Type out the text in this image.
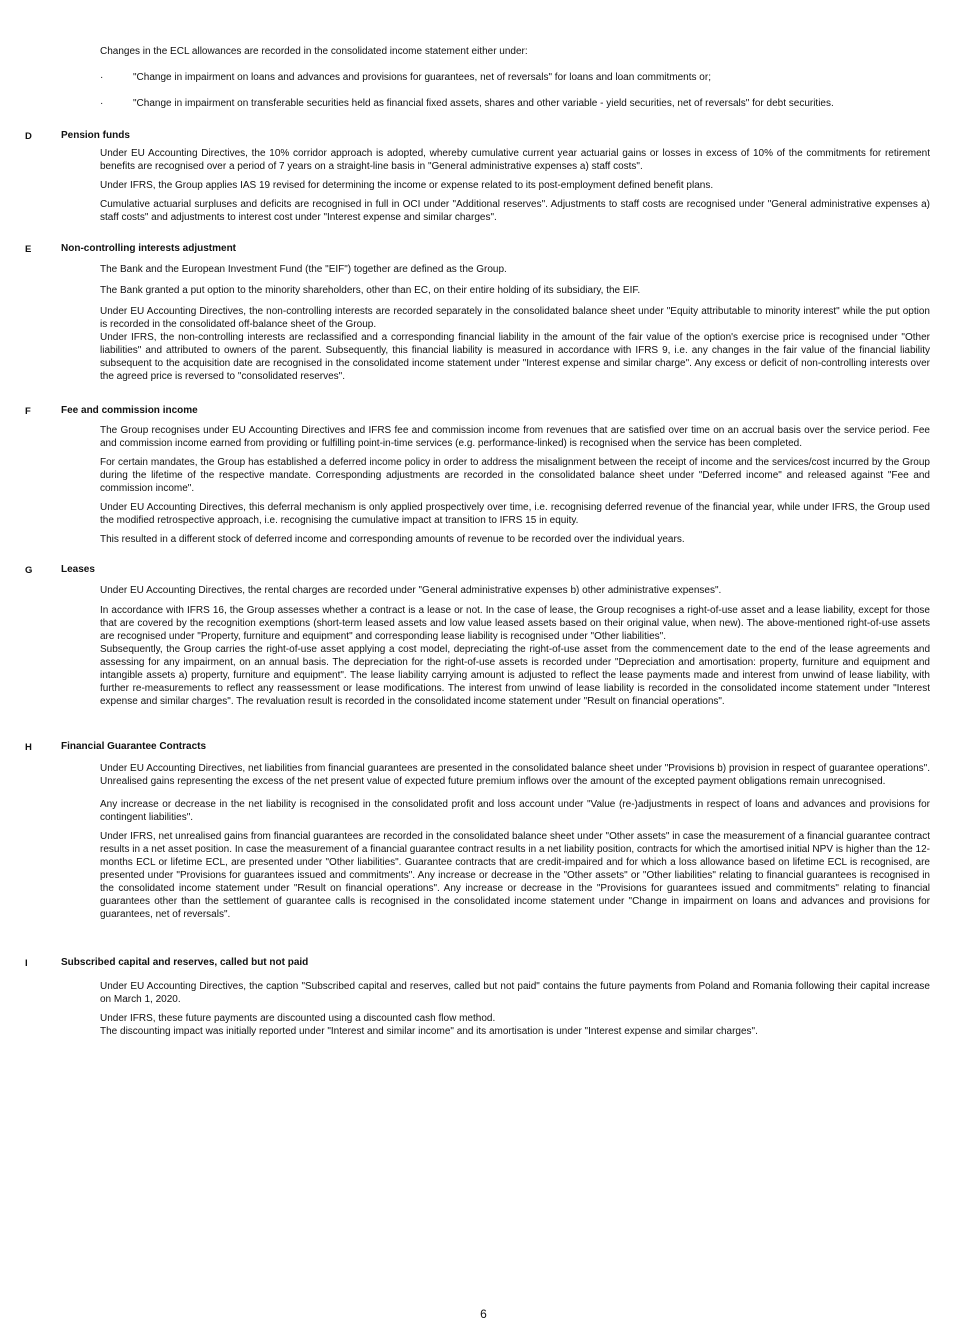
Changes in the ECL allowances are recorded in the consolidated income statement either under:

·	"Change in impairment on loans and advances and provisions for guarantees, net of reversals" for loans and loan commitments or;
·	"Change in impairment on transferable securities held as financial fixed assets, shares and other variable - yield securities, net of reversals" for debt securities.
D	Pension funds

Under EU Accounting Directives, the 10% corridor approach is adopted, whereby cumulative current year actuarial gains or losses in excess of 10% of the commitments for retirement benefits are recognised over a period of 7 years on a straight-line basis in "General administrative expenses a) staff costs".

Under IFRS, the Group applies IAS 19 revised for determining the income or expense related to its post-employment defined benefit plans.

Cumulative actuarial surpluses and deficits are recognised in full in OCI under "Additional reserves". Adjustments to staff costs are recognised under "General administrative expenses a) staff costs" and adjustments to interest cost under "Interest expense and similar charges".

E	Non-controlling interests adjustment

The Bank and the European Investment Fund (the "EIF") together are defined as the Group.

The Bank granted a put option to the minority shareholders, other than EC, on their entire holding of its subsidiary, the EIF.

Under EU Accounting Directives, the non-controlling interests are recorded separately in the consolidated balance sheet under "Equity attributable to minority interest" while the put option is recorded in the consolidated off-balance sheet of the Group.

Under IFRS, the non-controlling interests are reclassified and a corresponding financial liability in the amount of the fair value of the option's exercise price is recognised under "Other liabilities" and attributed to owners of the parent. Subsequently, this financial liability is measured in accordance with IFRS 9, i.e. any changes in the fair value of the financial liability subsequent to the acquisition date are recognised in the consolidated income statement under "Interest expense and similar charge". Any excess or deficit of non-controlling interests over the agreed price is reversed to "consolidated reserves".

F	Fee and commission income

The Group recognises under EU Accounting Directives and IFRS fee and commission income from revenues that are satisfied over time on an accrual basis over the service period. Fee and commission income earned from providing or fulfilling point-in-time services (e.g. performance-linked) is recognised when the service has been completed.

For certain mandates, the Group has established a deferred income policy in order to address the misalignment between the receipt of income and the services/cost incurred by the Group during the lifetime of the respective mandate. Corresponding adjustments are recorded in the consolidated balance sheet under "Deferred income" and released against "Fee and commission income".

Under EU Accounting Directives, this deferral mechanism is only applied prospectively over time, i.e. recognising deferred revenue of the financial year, while under IFRS, the Group used the modified retrospective approach, i.e. recognising the cumulative impact at transition to IFRS 15 in equity.

This resulted in a different stock of deferred income and corresponding amounts of revenue to be recorded over the individual years.

G	Leases

Under EU Accounting Directives, the rental charges are recorded under "General administrative expenses b) other administrative expenses".

In accordance with IFRS 16, the Group assesses whether a contract is a lease or not. In the case of lease, the Group recognises a right-of-use asset and a lease liability, except for those that are covered by the recognition exemptions (short-term leased assets and low value leased assets based on their original value, when new). The above-mentioned right-of-use assets are recognised under "Property, furniture and equipment" and corresponding lease liability is recognised under "Other liabilities".

Subsequently, the Group carries the right-of-use asset applying a cost model, depreciating the right-of-use asset from the commencement date to the end of the lease agreements and assessing for any impairment, on an annual basis. The depreciation for the right-of-use assets is recorded under "Depreciation and amortisation: property, furniture and equipment and intangible assets a) property, furniture and equipment". The lease liability carrying amount is adjusted to reflect the lease payments made and interest from unwind of lease liability, with further re-measurements to reflect any reassessment or lease modifications. The interest from unwind of lease liability is recorded in the consolidated income statement under "Interest expense and similar charges". The revaluation result is recorded in the consolidated income statement under "Result on financial operations".

H	Financial Guarantee Contracts

Under EU Accounting Directives, net liabilities from financial guarantees are presented in the consolidated balance sheet under "Provisions b) provision in respect of guarantee operations". Unrealised gains representing the excess of the net present value of expected future premium inflows over the amount of the excepted payment obligations remain unrecognised.

Any increase or decrease in the net liability is recognised in the consolidated profit and loss account under "Value (re-)adjustments in respect of loans and advances and provisions for contingent liabilities".

Under IFRS, net unrealised gains from financial guarantees are recorded in the consolidated balance sheet under "Other assets" in case the measurement of a financial guarantee contract results in a net asset position. In case the measurement of a financial guarantee contract results in a net liability position, contracts for which the amortised initial NPV is higher than the 12-months ECL or lifetime ECL, are presented under "Other liabilities". Guarantee contracts that are credit-impaired and for which a loss allowance based on lifetime ECL is recognised, are presented under "Provisions for guarantees issued and commitments". Any increase or decrease in the "Other assets" or "Other liabilities" relating to financial guarantees is recognised in the consolidated income statement under "Result on financial operations". Any increase or decrease in the "Provisions for guarantees issued and commitments" relating to financial guarantees other than the settlement of guarantee calls is recognised in the consolidated income statement under "Change in impairment on loans and advances and provisions for guarantees, net of reversals".

I	Subscribed capital and reserves, called but not paid

Under EU Accounting Directives, the caption "Subscribed capital and reserves, called but not paid" contains the future payments from Poland and Romania following their capital increase on March 1, 2020.

Under IFRS, these future payments are discounted using a discounted cash flow method.

The discounting impact was initially reported under "Interest and similar income" and its amortisation is under "Interest expense and similar charges".

6
